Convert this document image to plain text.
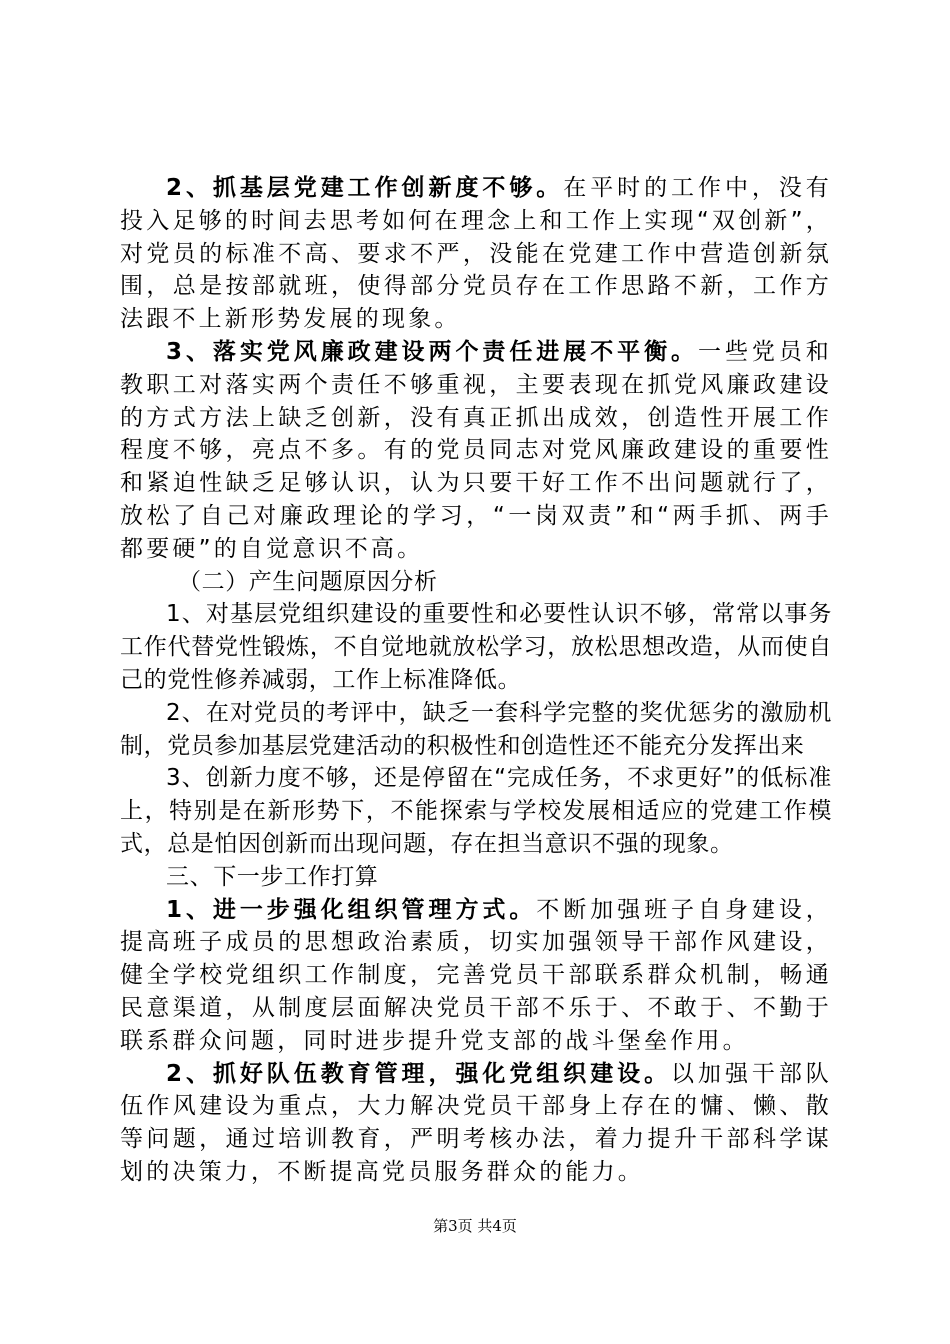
2、抓基层党建工作创新度不够。在平时的工作中，没有投入足够的时间去思考如何在理念上和工作上实现“双创新”，对党员的标准不高、要求不严，没能在党建工作中营造创新氛围，总是按部就班，使得部分党员存在工作思路不新，工作方法跟不上新形势发展的现象。

3、落实党风廉政建设两个责任进展不平衡。一些党员和教职工对落实两个责任不够重视，主要表现在抓党风廉政建设的方式方法上缺乏创新，没有真正抓出成效，创造性开展工作程度不够，亮点不多。有的党员同志对党风廉政建设的重要性和紧迫性缺乏足够认识，认为只要干好工作不出问题就行了，放松了自己对廉政理论的学习，“一岗双责”和“两手抓、两手都要硬”的自觉意识不高。

（二）产生问题原因分析

1、对基层党组织建设的重要性和必要性认识不够，常常以事务工作代替党性锻炼，不自觉地就放松学习，放松思想改造，从而使自己的党性修养减弱，工作上标准降低。

2、在对党员的考评中，缺乏一套科学完整的奖优惩劣的激励机制，党员参加基层党建活动的积极性和创造性还不能充分发挥出来

3、创新力度不够，还是停留在“完成任务，不求更好”的低标准上，特别是在新形势下，不能探索与学校发展相适应的党建工作模式，总是怕因创新而出现问题，存在担当意识不强的现象。

三、下一步工作打算

1、进一步强化组织管理方式。不断加强班子自身建设，提高班子成员的思想政治素质，切实加强领导干部作风建设，健全学校党组织工作制度，完善党员干部联系群众机制，畅通民意渠道，从制度层面解决党员干部不乐于、不敢于、不勤于联系群众问题，同时进步提升党支部的战斗堡垒作用。

2、抓好队伍教育管理，强化党组织建设。以加强干部队伍作风建设为重点，大力解决党员干部身上存在的慵、懒、散等问题，通过培训教育，严明考核办法，着力提升干部科学谋划的决策力，不断提高党员服务群众的能力。

第3页 共4页
